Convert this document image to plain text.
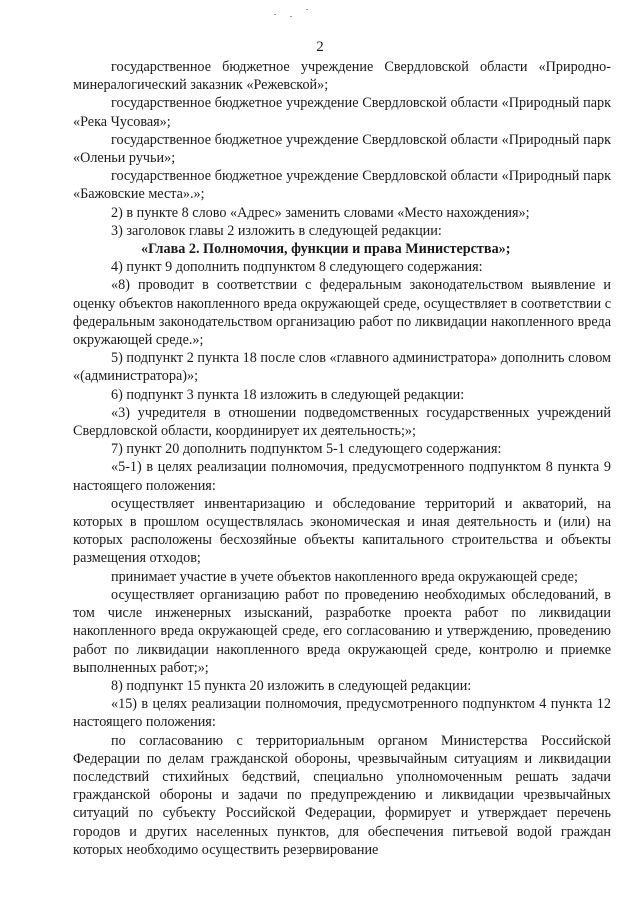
2

государственное бюджетное учреждение Свердловской области «Природно-минералогический заказник «Режевской»;

государственное бюджетное учреждение Свердловской области «Природный парк «Река Чусовая»;

государственное бюджетное учреждение Свердловской области «Природный парк «Оленьи ручьи»;

государственное бюджетное учреждение Свердловской области «Природный парк «Бажовские места».»;

2) в пункте 8 слово «Адрес» заменить словами «Место нахождения»;

3) заголовок главы 2 изложить в следующей редакции:

«Глава 2. Полномочия, функции и права Министерства»;

4) пункт 9 дополнить подпунктом 8 следующего содержания:

«8) проводит в соответствии с федеральным законодательством выявление и оценку объектов накопленного вреда окружающей среде, осуществляет в соответствии с федеральным законодательством организацию работ по ликвидации накопленного вреда окружающей среде.»;

5) подпункт 2 пункта 18 после слов «главного администратора» дополнить словом «(администратора)»;

6) подпункт 3 пункта 18 изложить в следующей редакции:

«3) учредителя в отношении подведомственных государственных учреждений Свердловской области, координирует их деятельность;»;

7) пункт 20 дополнить подпунктом 5-1 следующего содержания:

«5-1) в целях реализации полномочия, предусмотренного подпунктом 8 пункта 9 настоящего положения:

осуществляет инвентаризацию и обследование территорий и акваторий, на которых в прошлом осуществлялась экономическая и иная деятельность и (или) на которых расположены бесхозяйные объекты капитального строительства и объекты размещения отходов;

принимает участие в учете объектов накопленного вреда окружающей среде;

осуществляет организацию работ по проведению необходимых обследований, в том числе инженерных изысканий, разработке проекта работ по ликвидации накопленного вреда окружающей среде, его согласованию и утверждению, проведению работ по ликвидации накопленного вреда окружающей среде, контролю и приемке выполненных работ;»;

8) подпункт 15 пункта 20 изложить в следующей редакции:

«15) в целях реализации полномочия, предусмотренного подпунктом 4 пункта 12 настоящего положения:

по согласованию с территориальным органом Министерства Российской Федерации по делам гражданской обороны, чрезвычайным ситуациям и ликвидации последствий стихийных бедствий, специально уполномоченным решать задачи гражданской обороны и задачи по предупреждению и ликвидации чрезвычайных ситуаций по субъекту Российской Федерации, формирует и утверждает перечень городов и других населенных пунктов, для обеспечения питьевой водой граждан которых необходимо осуществить резервирование
